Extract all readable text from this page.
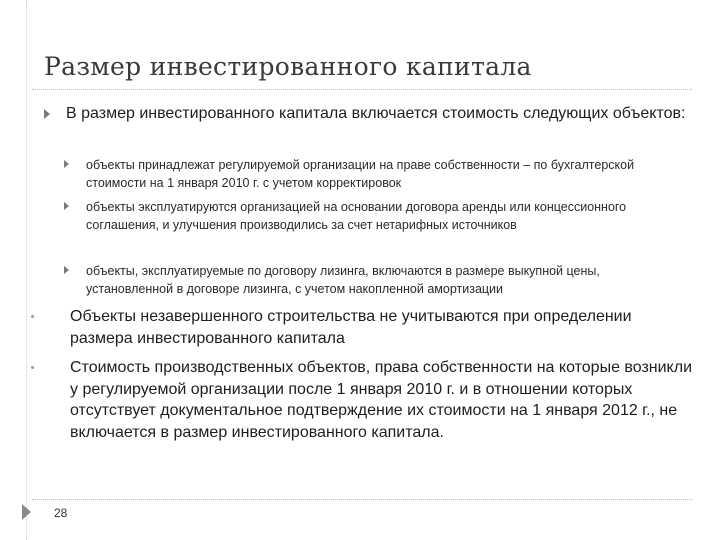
Размер инвестированного капитала
В размер инвестированного капитала включается стоимость следующих объектов:
объекты принадлежат регулируемой организации на праве собственности – по бухгалтерской стоимости на 1 января 2010 г. с учетом корректировок
объекты эксплуатируются организацией на основании договора аренды или концессионного соглашения, и улучшения производились за счет нетарифных источников
объекты, эксплуатируемые по договору лизинга, включаются в размере выкупной цены, установленной в договоре лизинга, с учетом накопленной амортизации
Объекты незавершенного строительства не учитываются при определении размера инвестированного капитала
Стоимость производственных объектов, права собственности на которые возникли у регулируемой организации после 1 января 2010 г. и в отношении которых отсутствует документальное подтверждение их стоимости на 1 января 2012 г., не включается в размер инвестированного капитала.
28
